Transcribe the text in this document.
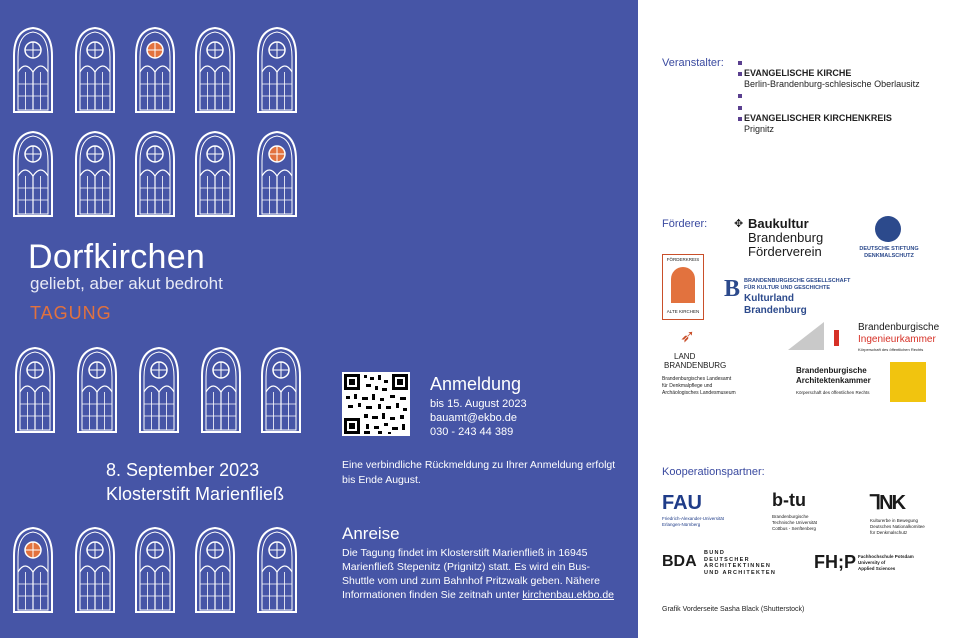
Dorfkirchen
geliebt, aber akut bedroht
TAGUNG
8. September 2023
Klosterstift Marienfließ
Anmeldung
bis 15. August 2023
bauamt@ekbo.de
030 - 243 44 389
Eine verbindliche Rückmeldung zu Ihrer Anmeldung erfolgt bis Ende August.
Anreise
Die Tagung findet im Klosterstift Marienfließ in 16945 Marienfließ Stepenitz (Prignitz) statt. Es wird ein Bus-Shuttle vom und zum Bahnhof Pritzwalk geben. Nähere Informationen finden Sie zeitnah unter kirchenbau.ekbo.de
Veranstalter:
EVANGELISCHE KIRCHE
Berlin-Brandenburg-schlesische Oberlausitz
EVANGELISCHER KIRCHENKREIS
Prignitz
Förderer: ✥ Baukultur
Brandenburg
Förderverein	DEUTSCHE STIFTUNG
DENKMALSCHUTZ
FÖRDERKREIS
ALTE KIRCHEN
B BRANDENBURGISCHE GESELLSCHAFT
FÜR KULTUR UND GESCHICHTE
Kulturland
Brandenburg
Brandenburgische
Ingenieurkammer
Körperschaft des öffentlichen Rechts
➶
LAND
BRANDENBURG
Brandenburgisches Landesamt
für Denkmalpflege und
Archäologisches Landesmuseum
Brandenburgische
Architektenkammer
Körperschaft des öffentlichen Rechts
Kooperationspartner:
FAU
Friedrich-Alexander-Universität
Erlangen-Nürnberg
b-tu
Brandenburgische
Technische Universität
Cottbus - Senftenberg
⅂NK
Kulturerbe in Bewegung
Deutsches Nationalkomitee
für Denkmalschutz
BDA BUND
DEUTSCHER
ARCHITEKTINNEN
UND ARCHITEKTEN
FH;P Fachhochschule Potsdam
University of
Applied Sciences
Grafik Vorderseite Sasha Black (Shutterstock)
